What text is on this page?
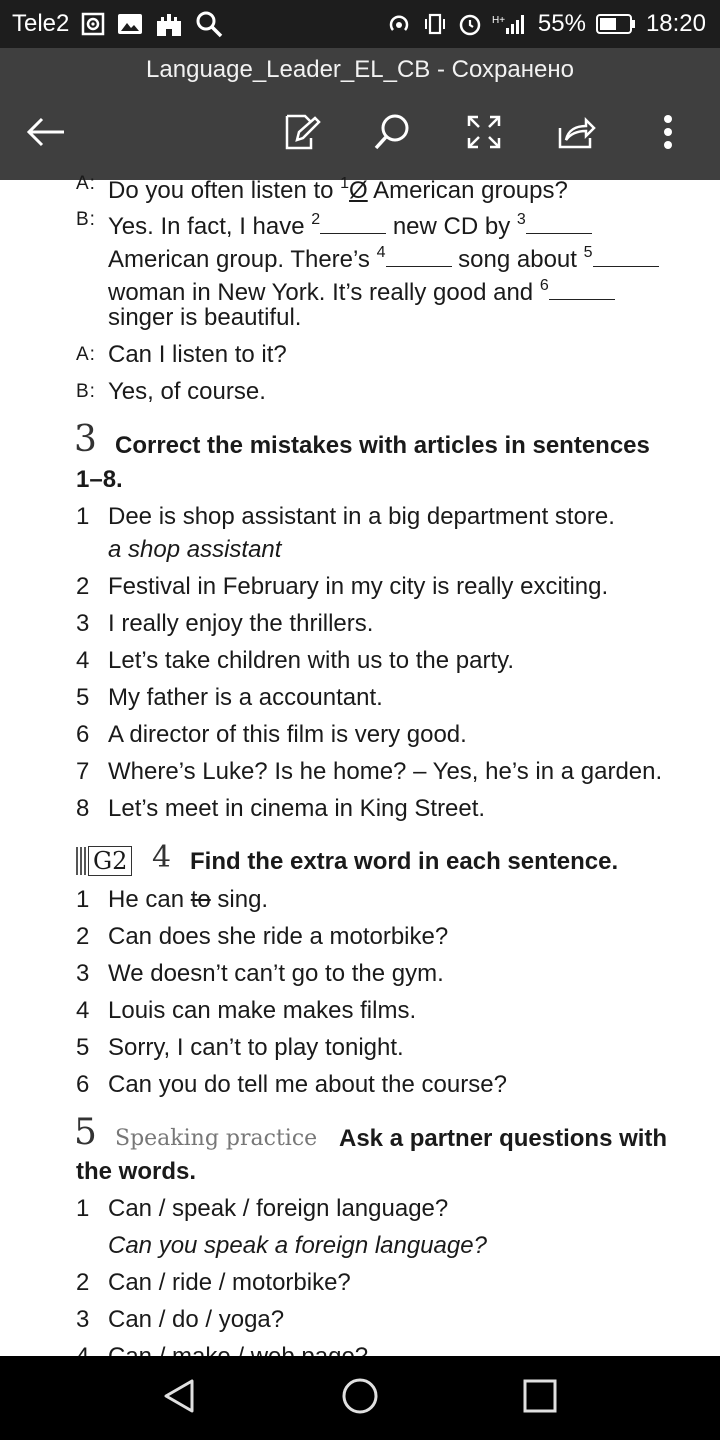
Tele2	H+ 55%	18:20
Language_Leader_EL_CB - Сохранено
A: Do you often listen to $^1$Ø American groups?
B: Yes. In fact, I have $^2$	new CD by $^3$
American group. There’s $^4$	song about $^5$
woman in New York. It’s really good and $^6$
singer is beautiful.
A: Can I listen to it?
B: Yes, of course.
3 Correct the mistakes with articles in sentences
1–8.
1 Dee is shop assistant in a big department store.
a shop assistant
2 Festival in February in my city is really exciting.
3 I really enjoy the thrillers.
4 Let’s take children with us to the party.
5 My father is a accountant.
6 A director of this film is very good.
7 Where’s Luke? Is he home? – Yes, he’s in a garden.
8 Let’s meet in cinema in King Street.
G2 4 Find the extra word in each sentence.
1 He can to sing.
2 Can does she ride a motorbike?
3 We doesn’t can’t go to the gym.
4 Louis can make makes films.
5 Sorry, I can’t to play tonight.
6 Can you do tell me about the course?
5 Speaking practice Ask a partner questions with
the words.
1 Can / speak / foreign language?
Can you speak a foreign language?
2 Can / ride / motorbike?
3 Can / do / yoga?
